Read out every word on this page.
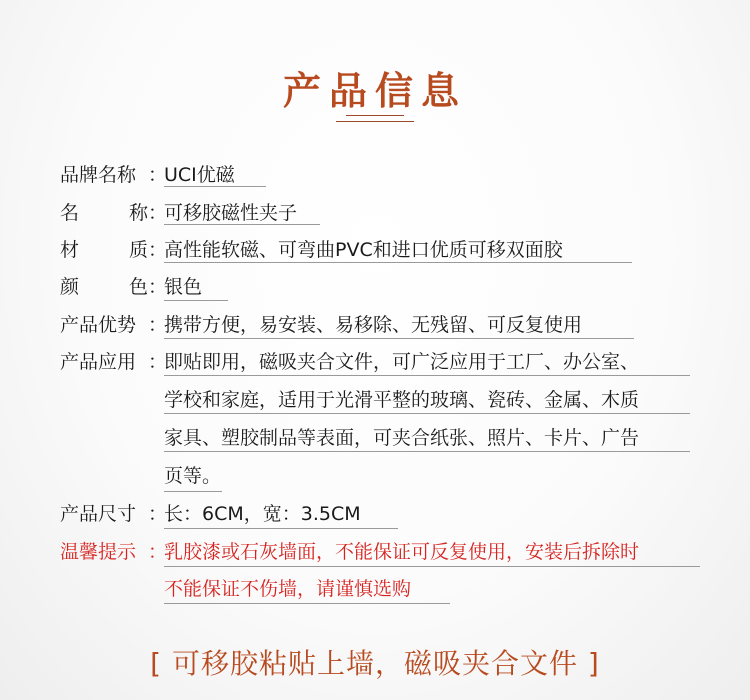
产品信息
品牌名称 ：
UCI优磁
名	称 ：
可移胶磁性夹子
材	质 ：
高性能软磁、可弯曲PVC和进口优质可移双面胶
颜	色 ：
银色
产品优势 ：
携带方便，易安装、易移除、无残留、可反复使用
产品应用 ：
即贴即用，磁吸夹合文件，可广泛应用于工厂、办公室、
学校和家庭，适用于光滑平整的玻璃、瓷砖、金属、木质
家具、塑胶制品等表面，可夹合纸张、照片、卡片、广告
页等。
产品尺寸 ：
长：6CM，宽：3.5CM
温馨提示 ：
乳胶漆或石灰墙面，不能保证可反复使用，安装后拆除时
不能保证不伤墙，请谨慎选购
[ 可移胶粘贴上墙，磁吸夹合文件 ]
